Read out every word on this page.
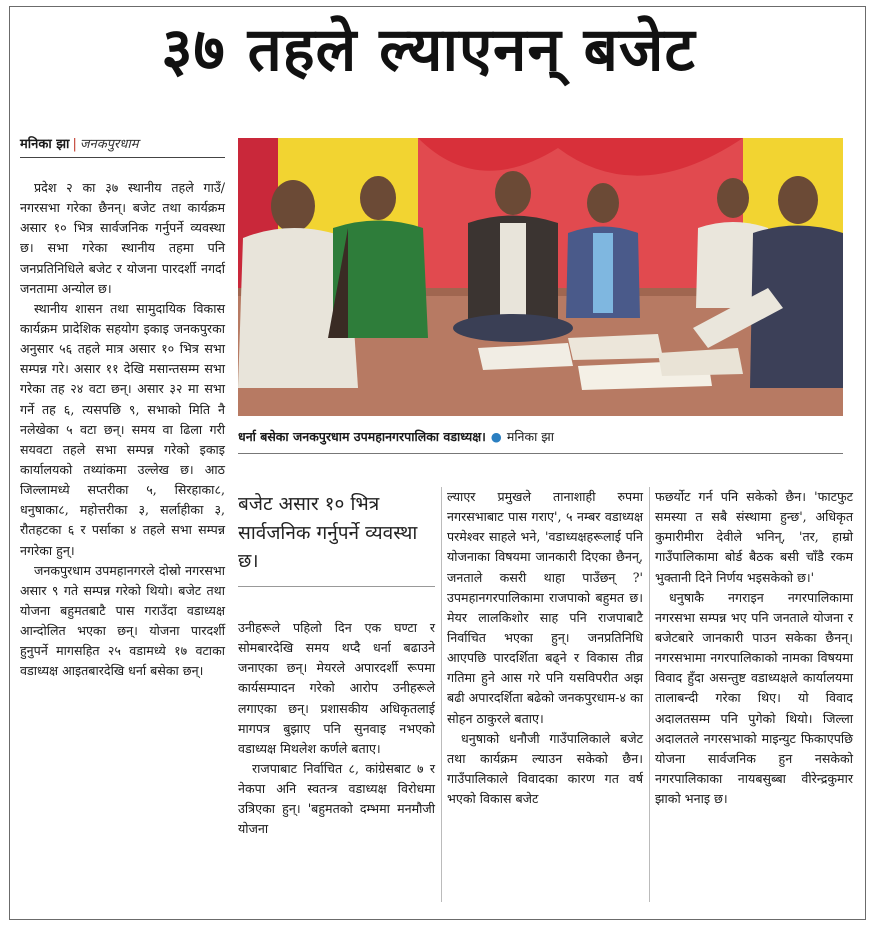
३७ तहले ल्याएनन् बजेट
मनिका झा | जनकपुरधाम

प्रदेश २ का ३७ स्थानीय तहले गाउँ/नगरसभा गरेका छैनन्। बजेट तथा कार्यक्रम असार १० भित्र सार्वजनिक गर्नुपर्ने व्यवस्था छ। सभा गरेका स्थानीय तहमा पनि जनप्रतिनिधिले बजेट र योजना पारदर्शी नगर्दा जनतामा अन्योल छ।

स्थानीय शासन तथा सामुदायिक विकास कार्यक्रम प्रादेशिक सहयोग इकाइ जनकपुरका अनुसार ५६ तहले मात्र असार १० भित्र सभा सम्पन्न गरे। असार ११ देखि मसान्तसम्म सभा गरेका तह २४ वटा छन्। असार ३२ मा सभा गर्ने तह ६, त्यसपछि ९, सभाको मिति नै नलेखेका ५ वटा छन्। समय वा ढिला गरी सयवटा तहले सभा सम्पन्न गरेको इकाइ कार्यालयको तथ्यांकमा उल्लेख छ। आठ जिल्लामध्ये सप्तरीका ५, सिरहाका८, धनुषाका८, महोत्तरीका ३, सर्लाहीका ३, रौतहटका ६ र पर्साका ४ तहले सभा सम्पन्न नगरेका हुन्।

जनकपुरधाम उपमहानगरले दोस्रो नगरसभा असार ९ गते सम्पन्न गरेको थियो। बजेट तथा योजना बहुमतबाटै पास गराउँदा वडाध्यक्ष आन्दोलित भएका छन्। योजना पारदर्शी हुनुपर्ने मागसहित २५ वडामध्ये १७ वटाका वडाध्यक्ष आइतबारदेखि धर्ना बसेका छन्।

धर्ना बसेका जनकपुरधाम उपमहानगरपालिका वडाध्यक्ष। ● मनिका झा
बजेट असार १० भित्र सार्वजनिक गर्नुपर्ने व्यवस्था छ।

उनीहरूले पहिलो दिन एक घण्टा र सोमबारदेखि समय थप्दै धर्ना बढाउने जनाएका छन्। मेयरले अपारदर्शी रूपमा कार्यसम्पादन गरेको आरोप उनीहरूले लगाएका छन्। प्रशासकीय अधिकृतलाई मागपत्र बुझाए पनि सुनवाइ नभएको वडाध्यक्ष मिथलेश कर्णले बताए।

राजपाबाट निर्वाचित ८, कांग्रेसबाट ७ र नेकपा अनि स्वतन्त्र वडाध्यक्ष विरोधमा उत्रिएका हुन्। 'बहुमतको दम्भमा मनमौजी योजना

ल्याएर प्रमुखले तानाशाही रुपमा नगरसभाबाट पास गराए', ५ नम्बर वडाध्यक्ष परमेश्वर साहले भने, 'वडाध्यक्षहरूलाई पनि योजनाका विषयमा जानकारी दिएका छैनन्, जनताले कसरी थाहा पाउँछन् ?' उपमहानगरपालिकामा राजपाको बहुमत छ। मेयर लालकिशोर साह पनि राजपाबाटै निर्वाचित भएका हुन्। जनप्रतिनिधि आएपछि पारदर्शिता बढ्ने र विकास तीव्र गतिमा हुने आस गरे पनि यसविपरीत अझ बढी अपारदर्शिता बढेको जनकपुरधाम-४ का सोहन ठाकुरले बताए।

धनुषाको धनौजी गाउँपालिकाले बजेट तथा कार्यक्रम ल्याउन सकेको छैन। गाउँपालिकाले विवादका कारण गत वर्ष भएको विकास बजेट

फछर्योट गर्न पनि सकेको छैन। 'फाटफुट समस्या त सबै संस्थामा हुन्छ', अधिकृत कुमारीमीरा देवीले भनिन्, 'तर, हाम्रो गाउँपालिकामा बोर्ड बैठक बसी चाँडै रकम भुक्तानी दिने निर्णय भइसकेको छ।'

धनुषाकै नगराइन नगरपालिकामा नगरसभा सम्पन्न भए पनि जनताले योजना र बजेटबारे जानकारी पाउन सकेका छैनन्। नगरसभामा नगरपालिकाको नामका विषयमा विवाद हुँदा असन्तुष्ट वडाध्यक्षले कार्यालयमा तालाबन्दी गरेका थिए। यो विवाद अदालतसम्म पनि पुगेको थियो। जिल्ला अदालतले नगरसभाको माइन्युट फिकाएपछि योजना सार्वजनिक हुन नसकेको नगरपालिकाका नायबसुब्बा वीरेन्द्रकुमार झाको भनाइ छ।
